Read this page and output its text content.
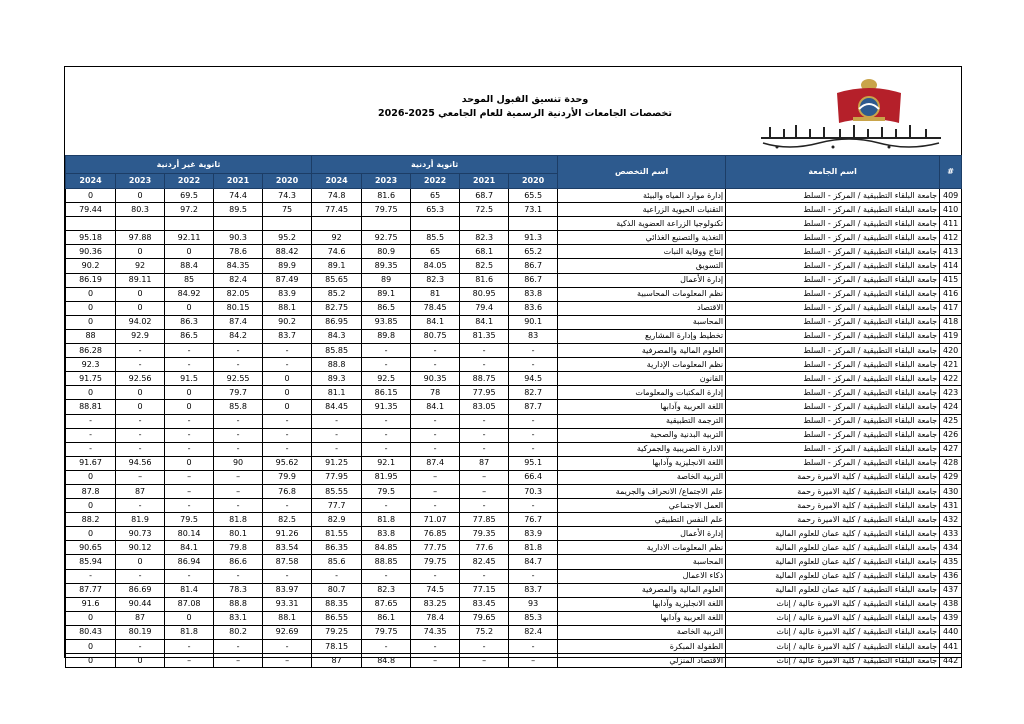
وحدة تنسيق القبول الموحد
تخصصات الجامعات الأردنية الرسمية للعام الجامعي 2025-2026
#	اسم الجامعة	اسم التخصص	ثانوية أردنية					ثانوية غير أردنية				
			2020	2021	2022	2023	2024	2020	2021	2022	2023	2024
409	جامعة البلقاء التطبيقية / المركز - السلط	إدارة موارد المياه والبيئة	65.5	68.7	65	81.6	74.8	74.3	74.4	69.5	0	0
410	جامعة البلقاء التطبيقية / المركز - السلط	التقنيات الحيوية الزراعية	73.1	72.5	65.3	79.75	77.45	75	89.5	97.2	80.3	79.44
411	جامعة البلقاء التطبيقية / المركز - السلط	تكنولوجيا الزراعة العضوية الذكية										
412	جامعة البلقاء التطبيقية / المركز - السلط	التغذية والتصنيع الغذائي	91.3	82.3	85.5	92.75	92	95.2	90.3	92.11	97.88	95.18
413	جامعة البلقاء التطبيقية / المركز - السلط	إنتاج ووقاية النبات	65.2	68.1	65	80.9	74.6	88.42	78.6	0	0	90.36
414	جامعة البلقاء التطبيقية / المركز - السلط	التسويق	86.7	82.5	84.05	89.35	89.1	89.9	84.35	88.4	92	90.2
415	جامعة البلقاء التطبيقية / المركز - السلط	إدارة الأعمال	86.7	81.6	82.3	89	85.65	87.49	82.4	85	89.11	86.19
416	جامعة البلقاء التطبيقية / المركز - السلط	نظم المعلومات المحاسبية	83.8	80.95	81	89.1	85.2	83.9	82.05	84.92	0	0
417	جامعة البلقاء التطبيقية / المركز - السلط	الاقتصاد	83.6	79.4	78.45	86.5	82.75	88.1	80.15	0	0	0
418	جامعة البلقاء التطبيقية / المركز - السلط	المحاسبة	90.1	84.1	84.1	93.85	86.95	90.2	87.4	86.3	94.02	0
419	جامعة البلقاء التطبيقية / المركز - السلط	تخطيط وإدارة المشاريع	83	81.35	80.75	89.8	84.3	83.7	84.2	86.5	92.9	88
420	جامعة البلقاء التطبيقية / المركز - السلط	العلوم المالية والمصرفية	-	-	-	-	85.85	-	-	-	-	86.28
421	جامعة البلقاء التطبيقية / المركز - السلط	نظم المعلومات الإدارية	-	-	-	-	88.8	-	-	-	-	92.3
422	جامعة البلقاء التطبيقية / المركز - السلط	القانون	94.5	88.75	90.35	92.5	89.3	0	92.55	91.5	92.56	91.75
423	جامعة البلقاء التطبيقية / المركز - السلط	إدارة المكتبات والمعلومات	82.7	77.95	78	86.15	81.1	0	79.7	0	0	0
424	جامعة البلقاء التطبيقية / المركز - السلط	اللغة العربية وآدابها	87.7	83.05	84.1	91.35	84.45	0	85.8	0	0	88.81
425	جامعة البلقاء التطبيقية / المركز - السلط	الترجمة التطبيقية	-	-	-	-	-	-	-	-	-	-
426	جامعة البلقاء التطبيقية / المركز - السلط	التربية البدنية والصحية	-	-	-	-	-	-	-	-	-	-
427	جامعة البلقاء التطبيقية / المركز - السلط	الادارة الضريبية والجمركية	-	-	-	-	-	-	-	-	-	-
428	جامعة البلقاء التطبيقية / المركز - السلط	اللغة الانجليزية وآدابها	95.1	87	87.4	92.1	91.25	95.62	90	0	94.56	91.67
429	جامعة البلقاء التطبيقية / كلية الاميرة رحمة	التربية الخاصة	66.4	–	–	81.95	77.95	79.9	–	–	–	0
430	جامعة البلقاء التطبيقية / كلية الاميرة رحمة	علم الاجتماع/ الانحراف والجريمة	70.3	–	–	79.5	85.55	76.8	–	–	87	87.8
431	جامعة البلقاء التطبيقية / كلية الاميرة رحمة	العمل الاجتماعي	-	-	-	-	77.7	-	-	-	-	0
432	جامعة البلقاء التطبيقية / كلية الاميرة رحمة	علم النفس التطبيقي	76.7	77.85	71.07	81.8	82.9	82.5	81.8	79.5	81.9	88.2
433	جامعة البلقاء التطبيقية / كلية عمان للعلوم المالية	إدارة الأعمال	83.9	79.35	76.85	83.8	81.55	91.26	80.1	80.14	90.73	0
434	جامعة البلقاء التطبيقية / كلية عمان للعلوم المالية	نظم المعلومات الادارية	81.8	77.6	77.75	84.85	86.35	83.54	79.8	84.1	90.12	90.65
435	جامعة البلقاء التطبيقية / كلية عمان للعلوم المالية	المحاسبة	84.7	82.45	79.75	88.85	85.6	87.58	86.6	86.94	0	85.94
436	جامعة البلقاء التطبيقية / كلية عمان للعلوم المالية	ذكاء الاعمال	-	-	-	-	-	-	-	-	-	-
437	جامعة البلقاء التطبيقية / كلية عمان للعلوم المالية	العلوم المالية والمصرفية	83.7	77.15	74.5	82.3	80.7	83.97	78.3	81.4	86.69	87.77
438	جامعة البلقاء التطبيقية / كلية الاميرة عالية / إناث	اللغة الانجليزية وآدابها	93	83.45	83.25	87.65	88.35	93.31	88.8	87.08	90.44	91.6
439	جامعة البلقاء التطبيقية / كلية الاميرة عالية / إناث	اللغة العربية وآدابها	85.3	79.65	78.4	86.1	86.55	88.1	83.1	0	87	0
440	جامعة البلقاء التطبيقية / كلية الاميرة عالية / إناث	التربية الخاصة	82.4	75.2	74.35	79.75	79.25	92.69	80.2	81.8	80.19	80.43
441	جامعة البلقاء التطبيقية / كلية الاميرة عالية / إناث	الطفولة المبكرة	-	-	-	-	78.15	-	-	-	-	0
442	جامعة البلقاء التطبيقية / كلية الاميرة عالية / إناث	الاقتصاد المنزلي	–	–	–	84.8	87	–	–	–	0	0
